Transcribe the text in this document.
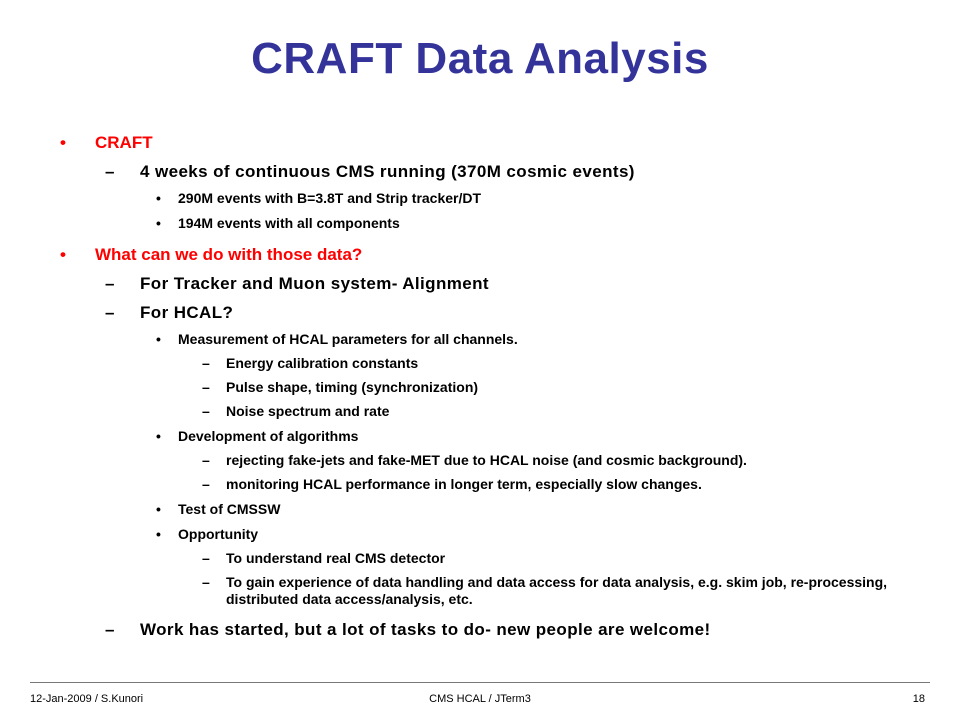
CRAFT Data Analysis
• CRAFT
– 4 weeks of continuous CMS running (370M cosmic events)
• 290M events with B=3.8T and Strip tracker/DT
• 194M events with all components
• What can we do with those data?
– For Tracker and Muon system- Alignment
– For HCAL?
• Measurement of HCAL parameters for all channels.
– Energy calibration constants
– Pulse shape, timing (synchronization)
– Noise spectrum and rate
• Development of algorithms
– rejecting fake-jets and fake-MET due to HCAL noise (and cosmic background).
– monitoring HCAL performance in longer term, especially slow changes.
• Test of CMSSW
• Opportunity
– To understand real CMS detector
– To gain experience of data handling and data access for data analysis, e.g. skim job, re-processing, distributed data access/analysis, etc.
– Work has started, but a lot of tasks to do- new people are welcome!
12-Jan-2009 / S.Kunori	CMS HCAL / JTerm3	18
